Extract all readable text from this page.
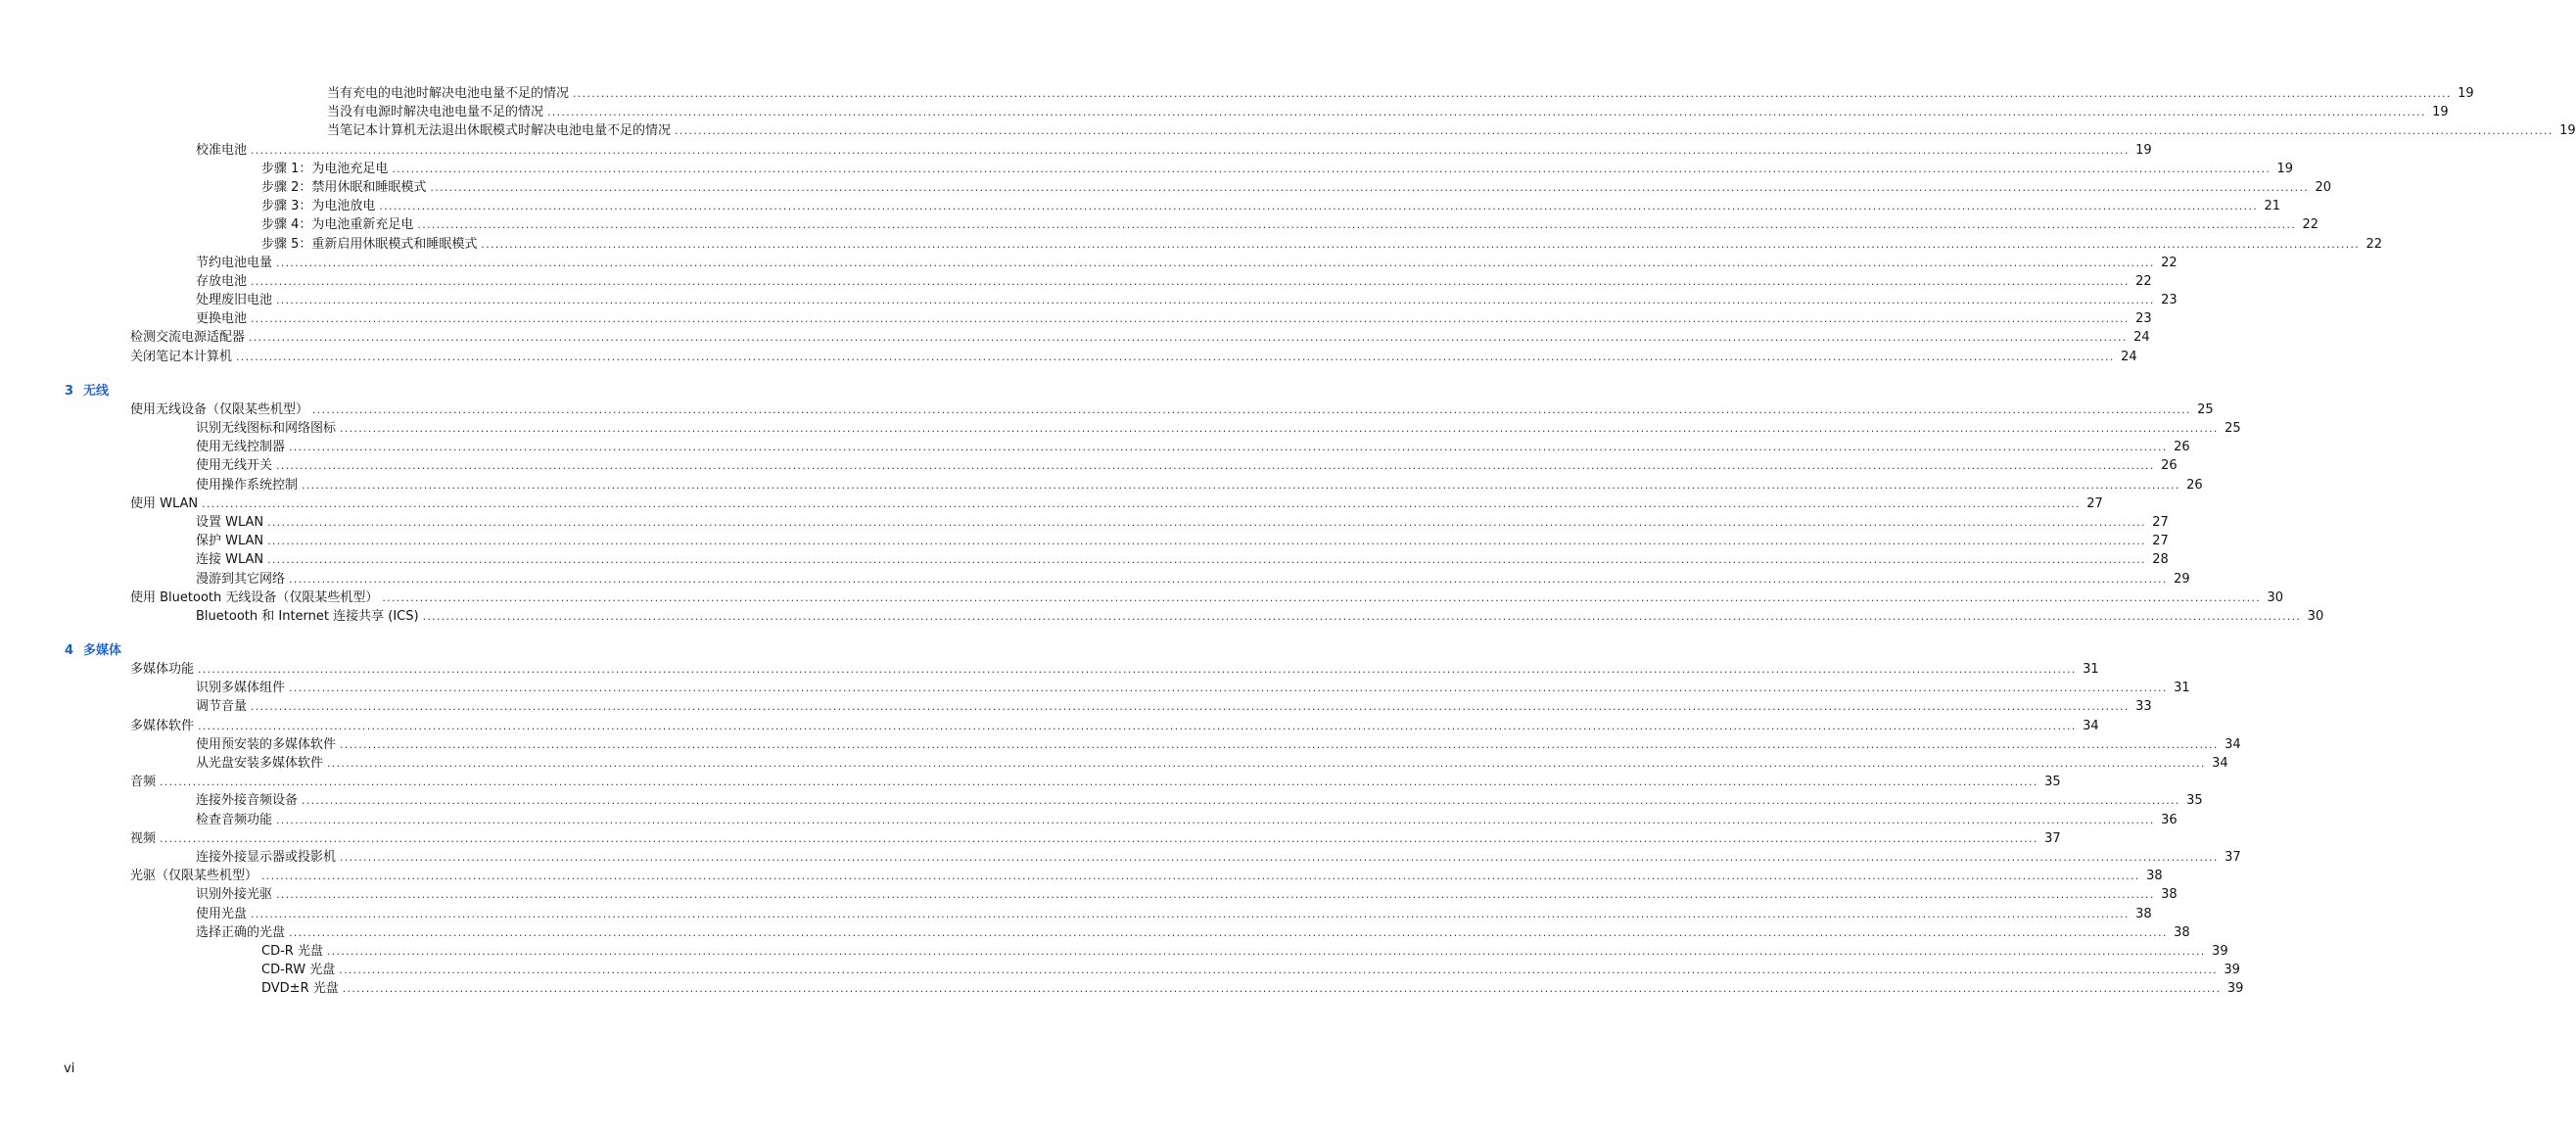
当有充电的电池时解决电池电量不足的情况 ................................................................................................................................................................................................................................................................................................................................................................................................................ 19
当没有电源时解决电池电量不足的情况 ................................................................................................................................................................................................................................................................................................................................................................................................................ 19
当笔记本计算机无法退出休眠模式时解决电池电量不足的情况 ................................................................................................................................................................................................................................................................................................................................................................................................................ 19
校准电池 ................................................................................................................................................................................................................................................................................................................................................................................................................ 19
步骤 1：为电池充足电 ................................................................................................................................................................................................................................................................................................................................................................................................................ 19
步骤 2：禁用休眠和睡眠模式 ................................................................................................................................................................................................................................................................................................................................................................................................................ 20
步骤 3：为电池放电 ................................................................................................................................................................................................................................................................................................................................................................................................................ 21
步骤 4：为电池重新充足电 ................................................................................................................................................................................................................................................................................................................................................................................................................ 22
步骤 5：重新启用休眠模式和睡眠模式 ................................................................................................................................................................................................................................................................................................................................................................................................................ 22
节约电池电量 ................................................................................................................................................................................................................................................................................................................................................................................................................ 22
存放电池 ................................................................................................................................................................................................................................................................................................................................................................................................................ 22
处理废旧电池 ................................................................................................................................................................................................................................................................................................................................................................................................................ 23
更换电池 ................................................................................................................................................................................................................................................................................................................................................................................................................ 23
检测交流电源适配器 ................................................................................................................................................................................................................................................................................................................................................................................................................ 24
关闭笔记本计算机 ................................................................................................................................................................................................................................................................................................................................................................................................................ 24
3 无线
使用无线设备（仅限某些机型） ................................................................................................................................................................................................................................................................................................................................................................................................................ 25
识别无线图标和网络图标 ................................................................................................................................................................................................................................................................................................................................................................................................................ 25
使用无线控制器 ................................................................................................................................................................................................................................................................................................................................................................................................................ 26
使用无线开关 ................................................................................................................................................................................................................................................................................................................................................................................................................ 26
使用操作系统控制 ................................................................................................................................................................................................................................................................................................................................................................................................................ 26
使用 WLAN ................................................................................................................................................................................................................................................................................................................................................................................................................ 27
设置 WLAN ................................................................................................................................................................................................................................................................................................................................................................................................................ 27
保护 WLAN ................................................................................................................................................................................................................................................................................................................................................................................................................ 27
连接 WLAN ................................................................................................................................................................................................................................................................................................................................................................................................................ 28
漫游到其它网络 ................................................................................................................................................................................................................................................................................................................................................................................................................ 29
使用 Bluetooth 无线设备（仅限某些机型） ................................................................................................................................................................................................................................................................................................................................................................................................................ 30
Bluetooth 和 Internet 连接共享 (ICS) ................................................................................................................................................................................................................................................................................................................................................................................................................ 30
4 多媒体
多媒体功能 ................................................................................................................................................................................................................................................................................................................................................................................................................ 31
识别多媒体组件 ................................................................................................................................................................................................................................................................................................................................................................................................................ 31
调节音量 ................................................................................................................................................................................................................................................................................................................................................................................................................ 33
多媒体软件 ................................................................................................................................................................................................................................................................................................................................................................................................................ 34
使用预安装的多媒体软件 ................................................................................................................................................................................................................................................................................................................................................................................................................ 34
从光盘安装多媒体软件 ................................................................................................................................................................................................................................................................................................................................................................................................................ 34
音频 ................................................................................................................................................................................................................................................................................................................................................................................................................ 35
连接外接音频设备 ................................................................................................................................................................................................................................................................................................................................................................................................................ 35
检查音频功能 ................................................................................................................................................................................................................................................................................................................................................................................................................ 36
视频 ................................................................................................................................................................................................................................................................................................................................................................................................................ 37
连接外接显示器或投影机 ................................................................................................................................................................................................................................................................................................................................................................................................................ 37
光驱（仅限某些机型） ................................................................................................................................................................................................................................................................................................................................................................................................................ 38
识别外接光驱 ................................................................................................................................................................................................................................................................................................................................................................................................................ 38
使用光盘 ................................................................................................................................................................................................................................................................................................................................................................................................................ 38
选择正确的光盘 ................................................................................................................................................................................................................................................................................................................................................................................................................ 38
CD-R 光盘 ................................................................................................................................................................................................................................................................................................................................................................................................................ 39
CD-RW 光盘 ................................................................................................................................................................................................................................................................................................................................................................................................................ 39
DVD±R 光盘 ................................................................................................................................................................................................................................................................................................................................................................................................................ 39
vi
